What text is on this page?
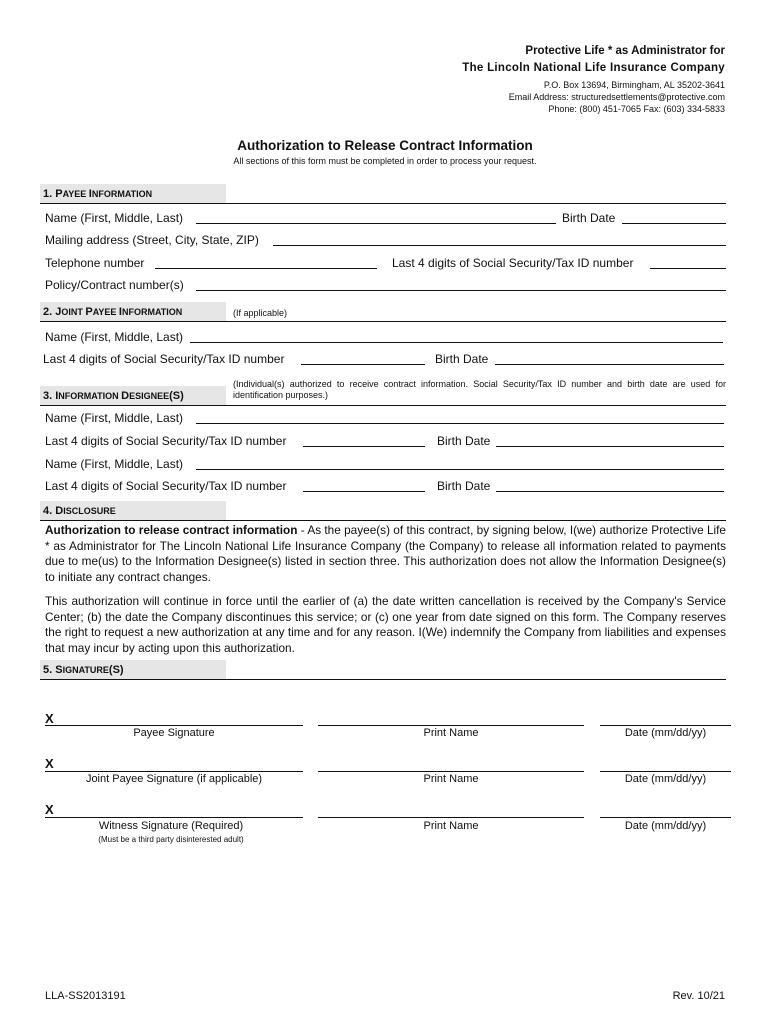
Protective Life * as Administrator for
The Lincoln National Life Insurance Company
P.O. Box 13694, Birmingham, AL 35202-3641
Email Address: structuredsettlements@protective.com
Phone: (800) 451-7065 Fax: (603) 334-5833
Authorization to Release Contract Information
All sections of this form must be completed in order to process your request.
1. PAYEE INFORMATION
Name (First, Middle, Last)	Birth Date
Mailing address (Street, City, State, ZIP)
Telephone number	Last 4 digits of Social Security/Tax ID number
Policy/Contract number(s)
2. JOINT PAYEE INFORMATION	(If applicable)
Name (First, Middle, Last)
Last 4 digits of Social Security/Tax ID number	Birth Date
3. INFORMATION DESIGNEE(S)
(Individual(s) authorized to receive contract information. Social Security/Tax ID number and birth date are used for identification purposes.)
Name (First, Middle, Last)
Last 4 digits of Social Security/Tax ID number	Birth Date
Name (First, Middle, Last)
Last 4 digits of Social Security/Tax ID number	Birth Date
4. DISCLOSURE
Authorization to release contract information - As the payee(s) of this contract, by signing below, I(we) authorize Protective Life * as Administrator for The Lincoln National Life Insurance Company (the Company) to release all information related to payments due to me(us) to the Information Designee(s) listed in section three. This authorization does not allow the Information Designee(s) to initiate any contract changes.
This authorization will continue in force until the earlier of (a) the date written cancellation is received by the Company's Service Center; (b) the date the Company discontinues this service; or (c) one year from date signed on this form. The Company reserves the right to request a new authorization at any time and for any reason. I(We) indemnify the Company from liabilities and expenses that may incur by acting upon this authorization.
5. SIGNATURE(S)
X
Payee Signature	Print Name	Date (mm/dd/yy)
X
Joint Payee Signature (if applicable)	Print Name	Date (mm/dd/yy)
X
Witness Signature (Required)	Print Name	Date (mm/dd/yy)
(Must be a third party disinterested adult)
LLA-SS2013191	Rev. 10/21
